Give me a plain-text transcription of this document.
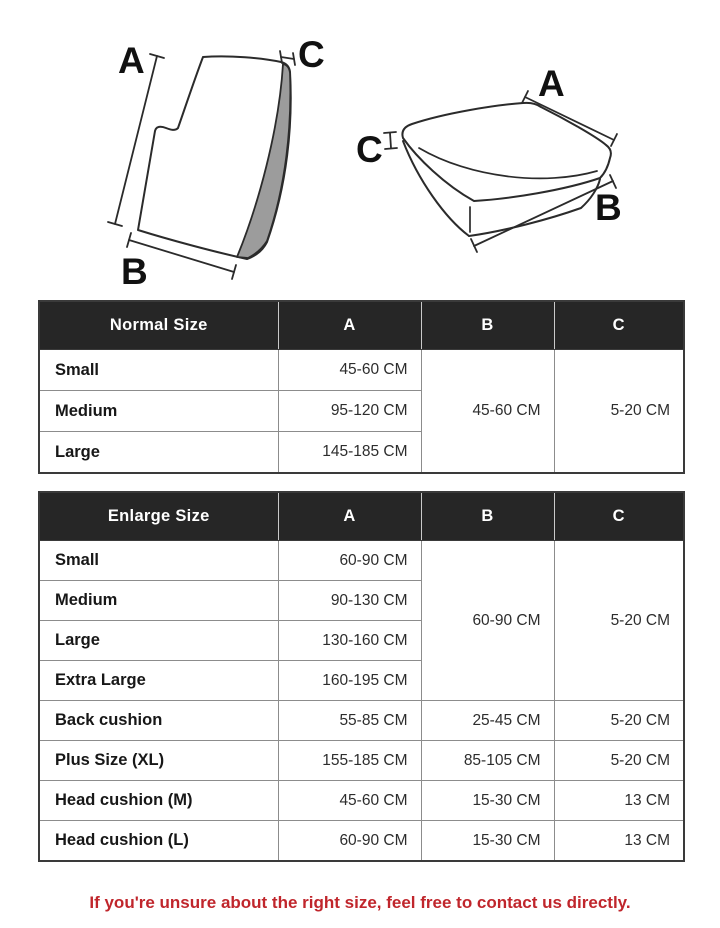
A
B
C
A
B
C
Normal Size	A	B	C
Small	45-60 CM	45-60 CM	5-20 CM
Medium	95-120 CM		
Large	145-185 CM		
Enlarge Size	A	B	C
Small	60-90 CM	60-90 CM	5-20 CM
Medium	90-130 CM		
Large	130-160 CM		
Extra Large	160-195 CM		
Back cushion	55-85 CM	25-45 CM	5-20 CM
Plus Size (XL)	155-185 CM	85-105 CM	5-20 CM
Head cushion (M)	45-60 CM	15-30 CM	13 CM
Head cushion (L)	60-90 CM	15-30 CM	13 CM
If you're unsure about the right size, feel free to contact us directly.
